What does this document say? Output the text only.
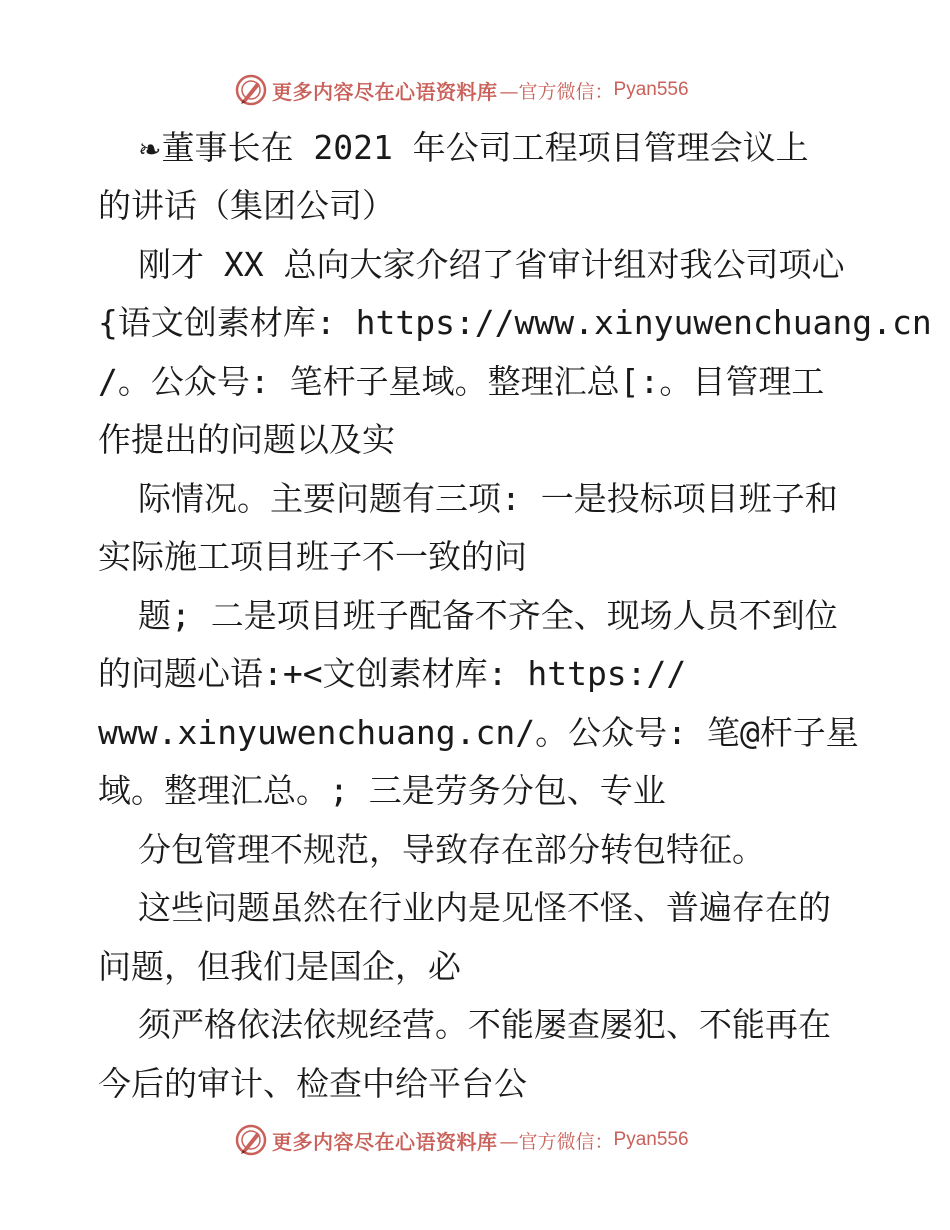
更多内容尽在心语资料库 —官方微信： Pyan556
❧董事长在 2021 年公司工程项目管理会议上
的讲话（集团公司）
刚才 XX 总向大家介绍了省审计组对我公司项心
{语文创素材库: https://www.xinyuwenchuang.cn
/。公众号: 笔杆子星域。整理汇总[:。目管理工
作提出的问题以及实
际情况。主要问题有三项: 一是投标项目班子和
实际施工项目班子不一致的问
题; 二是项目班子配备不齐全、现场人员不到位
的问题心语:+<文创素材库: https://
www.xinyuwenchuang.cn/。公众号: 笔@杆子星
域。整理汇总。; 三是劳务分包、专业
分包管理不规范，导致存在部分转包特征。
这些问题虽然在行业内是见怪不怪、普遍存在的
问题，但我们是国企，必
须严格依法依规经营。不能屡查屡犯、不能再在
今后的审计、检查中给平台公
更多内容尽在心语资料库 —官方微信： Pyan556
